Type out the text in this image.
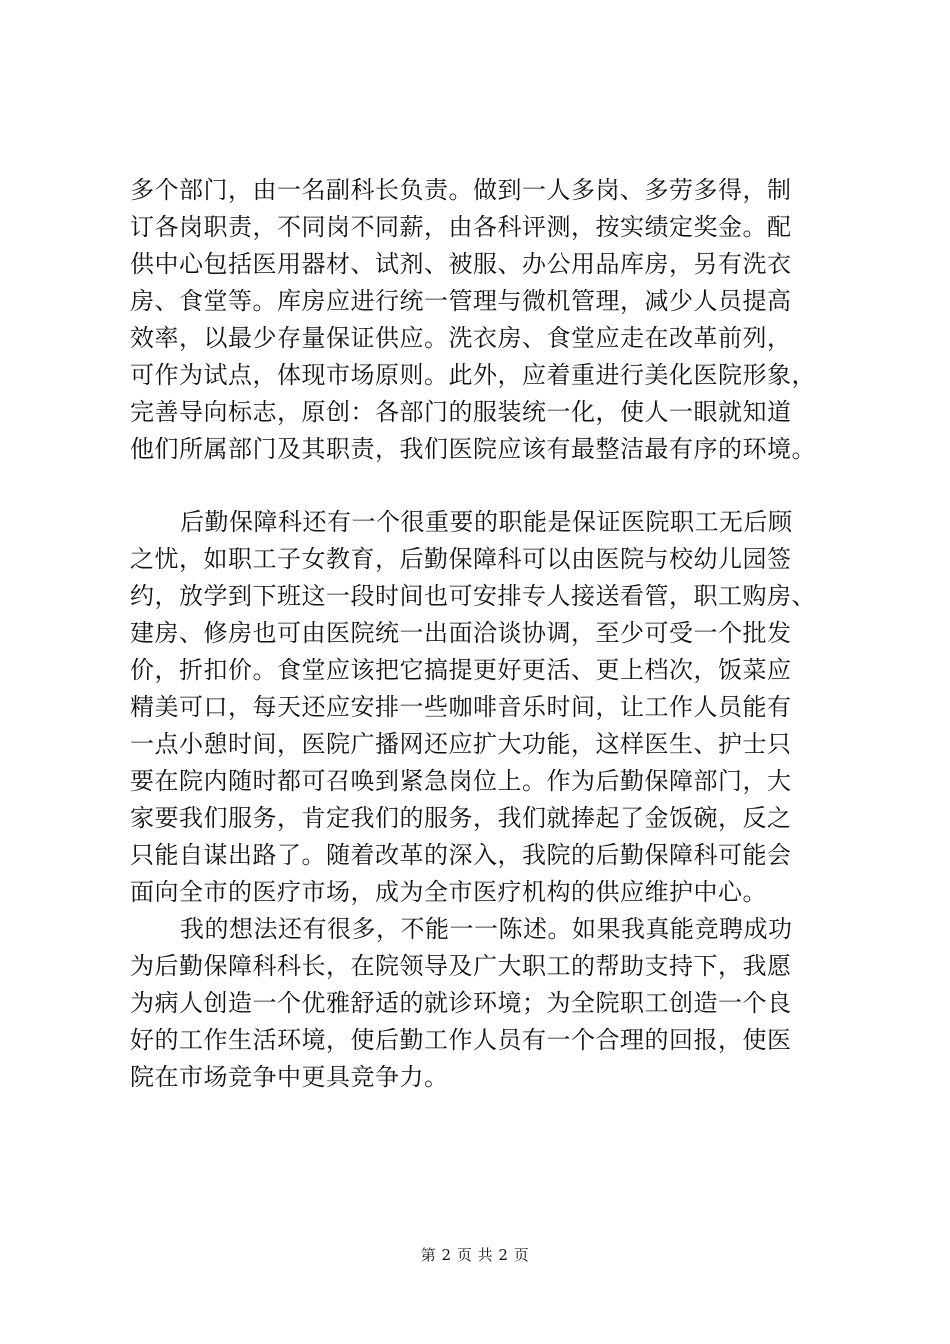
多个部门，由一名副科长负责。做到一人多岗、多劳多得，制
订各岗职责，不同岗不同薪，由各科评测，按实绩定奖金。配
供中心包括医用器材、试剂、被服、办公用品库房，另有洗衣
房、食堂等。库房应进行统一管理与微机管理，减少人员提高
效率，以最少存量保证供应。洗衣房、食堂应走在改革前列，
可作为试点，体现市场原则。此外，应着重进行美化医院形象，
完善导向标志，原创：各部门的服装统一化，使人一眼就知道
他们所属部门及其职责，我们医院应该有最整洁最有序的环境。
后勤保障科还有一个很重要的职能是保证医院职工无后顾
之忧，如职工子女教育，后勤保障科可以由医院与校幼儿园签
约，放学到下班这一段时间也可安排专人接送看管，职工购房、
建房、修房也可由医院统一出面洽谈协调，至少可受一个批发
价，折扣价。食堂应该把它搞提更好更活、更上档次，饭菜应
精美可口，每天还应安排一些咖啡音乐时间，让工作人员能有
一点小憩时间，医院广播网还应扩大功能，这样医生、护士只
要在院内随时都可召唤到紧急岗位上。作为后勤保障部门，大
家要我们服务，肯定我们的服务，我们就捧起了金饭碗，反之
只能自谋出路了。随着改革的深入，我院的后勤保障科可能会
面向全市的医疗市场，成为全市医疗机构的供应维护中心。
我的想法还有很多，不能一一陈述。如果我真能竞聘成功
为后勤保障科科长，在院领导及广大职工的帮助支持下，我愿
为病人创造一个优雅舒适的就诊环境；为全院职工创造一个良
好的工作生活环境，使后勤工作人员有一个合理的回报，使医
院在市场竞争中更具竞争力。
第 2 页 共 2 页
